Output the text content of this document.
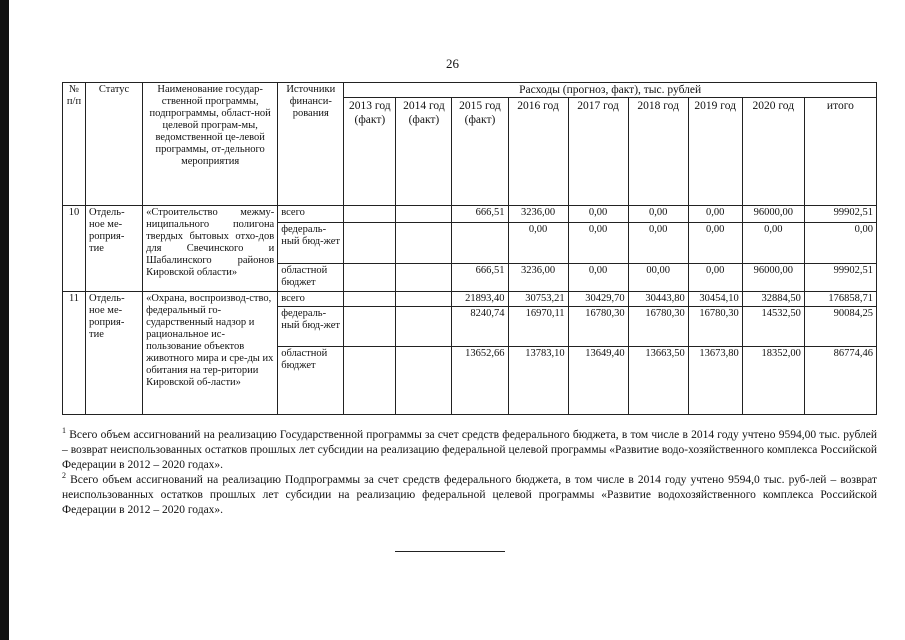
26
№ п/п	Статус	Наименование государ-ственной программы, подпрограммы, област-ной целевой програм-мы, ведомственной це-левой программы, от-дельного мероприятия	Источники финанси-рования	Расходы (прогноз, факт), тыс. рублей								
				2013 год (факт)	2014 год (факт)	2015 год (факт)	2016 год	2017 год	2018 год	2019 год	2020 год	итого
10	Отдель-ное ме-роприя-тие	«Строительство межму-ниципального полигона твердых бытовых отхо-дов для Свечинского и Шабалинского районов Кировской области»	всего			666,51	3236,00	0,00	0,00	0,00	96000,00	99902,51
			федераль-ный бюд-жет				0,00	0,00	0,00	0,00	0,00	0,00
			областной бюджет			666,51	3236,00	0,00	00,00	0,00	96000,00	99902,51
11	Отдель-ное ме-роприя-тие	«Охрана, воспроизвод-ство, федеральный го-сударственный надзор и рациональное ис-пользование объектов животного мира и сре-ды их обитания на тер-ритории Кировской об-ласти»	всего			21893,40	30753,21	30429,70	30443,80	30454,10	32884,50	176858,71
			федераль-ный бюд-жет			8240,74	16970,11	16780,30	16780,30	16780,30	14532,50	90084,25
			областной бюджет			13652,66	13783,10	13649,40	13663,50	13673,80	18352,00	86774,46

$^1$ Всего объем ассигнований на реализацию Государственной программы за счет средств федерального бюджета, в том числе в 2014 году учтено 9594,00 тыс. рублей – возврат неиспользованных остатков прошлых лет субсидии на реализацию федеральной целевой программы «Развитие водо-хозяйственного комплекса Российской Федерации в 2012 – 2020 годах».

$^2$ Всего объем ассигнований на реализацию Подпрограммы за счет средств федерального бюджета, в том числе в 2014 году учтено 9594,0 тыс. руб-лей – возврат неиспользованных остатков прошлых лет субсидии на реализацию федеральной целевой программы «Развитие водохозяйственного комплекса Российской Федерации в 2012 – 2020 годах».
